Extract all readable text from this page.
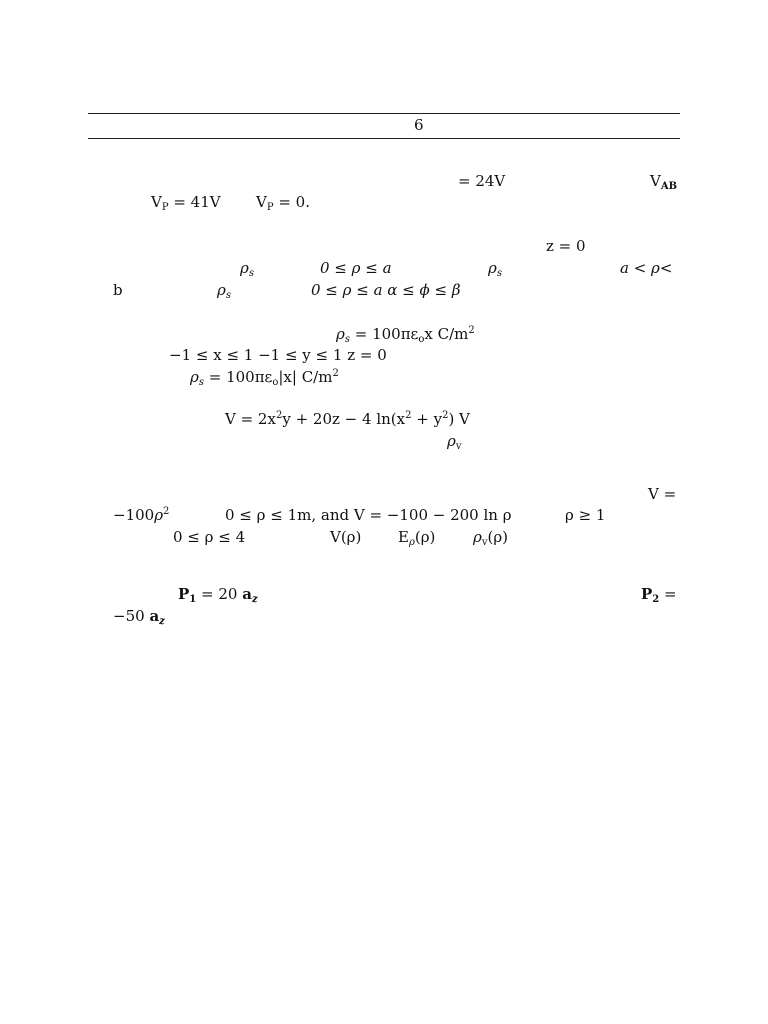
6
= 24V	$V_{AB}$
$V_P = 41V$ $V_P = 0$.
z = 0
$\rho_s$	0 ≤ ρ ≤ a	$\rho_s$	a < ρ<
b	$\rho_s$	0 ≤ ρ ≤ a α ≤ ϕ ≤ β
$\rho_s = 100\pi\varepsilon_ox$ $C/m^2$
−1 ≤ x ≤ 1 −1 ≤ y ≤ 1 z = 0
$\rho_s = 100\pi\varepsilon_o|x|$ $C/m^2$
$V = 2x^2y + 20z - 4$ $\ln(x^2 + y^2)$ V
$\rho_v$
V =
$-100\rho^2$	0 ≤ ρ ≤ 1m, and V = −100 − 200 ln ρ	ρ ≥ 1
0 ≤ ρ ≤ 4	V(ρ) $E_\rho(\rho)$	$\rho_v(\rho)$
$P_1 = 20$ $a_z$	$P_2$ =
−50 $a_z$
